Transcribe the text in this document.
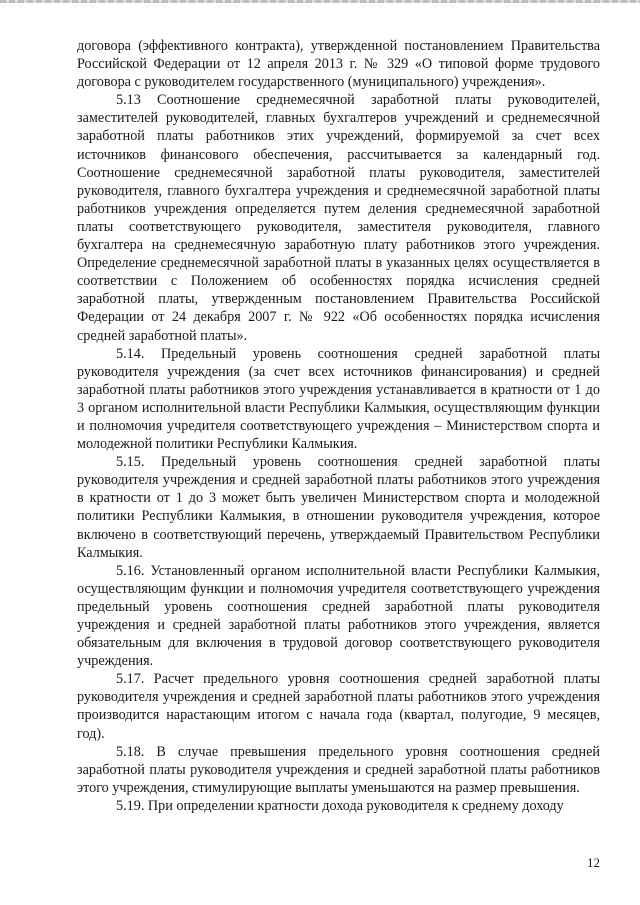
договора (эффективного контракта), утвержденной постановлением Правительства Российской Федерации от 12 апреля 2013 г. № 329 «О типовой форме трудового договора с руководителем государственного (муниципального) учреждения».

5.13 Соотношение среднемесячной заработной платы руководителей, заместителей руководителей, главных бухгалтеров учреждений и среднемесячной заработной платы работников этих учреждений, формируемой за счет всех источников финансового обеспечения, рассчитывается за календарный год. Соотношение среднемесячной заработной платы руководителя, заместителей руководителя, главного бухгалтера учреждения и среднемесячной заработной платы работников учреждения определяется путем деления среднемесячной заработной платы соответствующего руководителя, заместителя руководителя, главного бухгалтера на среднемесячную заработную плату работников этого учреждения. Определение среднемесячной заработной платы в указанных целях осуществляется в соответствии с Положением об особенностях порядка исчисления средней заработной платы, утвержденным постановлением Правительства Российской Федерации от 24 декабря 2007 г. № 922 «Об особенностях порядка исчисления средней заработной платы».

5.14. Предельный уровень соотношения средней заработной платы руководителя учреждения (за счет всех источников финансирования) и средней заработной платы работников этого учреждения устанавливается в кратности от 1 до 3 органом исполнительной власти Республики Калмыкия, осуществляющим функции и полномочия учредителя соответствующего учреждения – Министерством спорта и молодежной политики Республики Калмыкия.

5.15. Предельный уровень соотношения средней заработной платы руководителя учреждения и средней заработной платы работников этого учреждения в кратности от 1 до 3 может быть увеличен Министерством спорта и молодежной политики Республики Калмыкия, в отношении руководителя учреждения, которое включено в соответствующий перечень, утверждаемый Правительством Республики Калмыкия.

5.16. Установленный органом исполнительной власти Республики Калмыкия, осуществляющим функции и полномочия учредителя соответствующего учреждения предельный уровень соотношения средней заработной платы руководителя учреждения и средней заработной платы работников этого учреждения, является обязательным для включения в трудовой договор соответствующего руководителя учреждения.

5.17. Расчет предельного уровня соотношения средней заработной платы руководителя учреждения и средней заработной платы работников этого учреждения производится нарастающим итогом с начала года (квартал, полугодие, 9 месяцев, год).

5.18. В случае превышения предельного уровня соотношения средней заработной платы руководителя учреждения и средней заработной платы работников этого учреждения, стимулирующие выплаты уменьшаются на размер превышения.

5.19. При определении кратности дохода руководителя к среднему доходу

12
